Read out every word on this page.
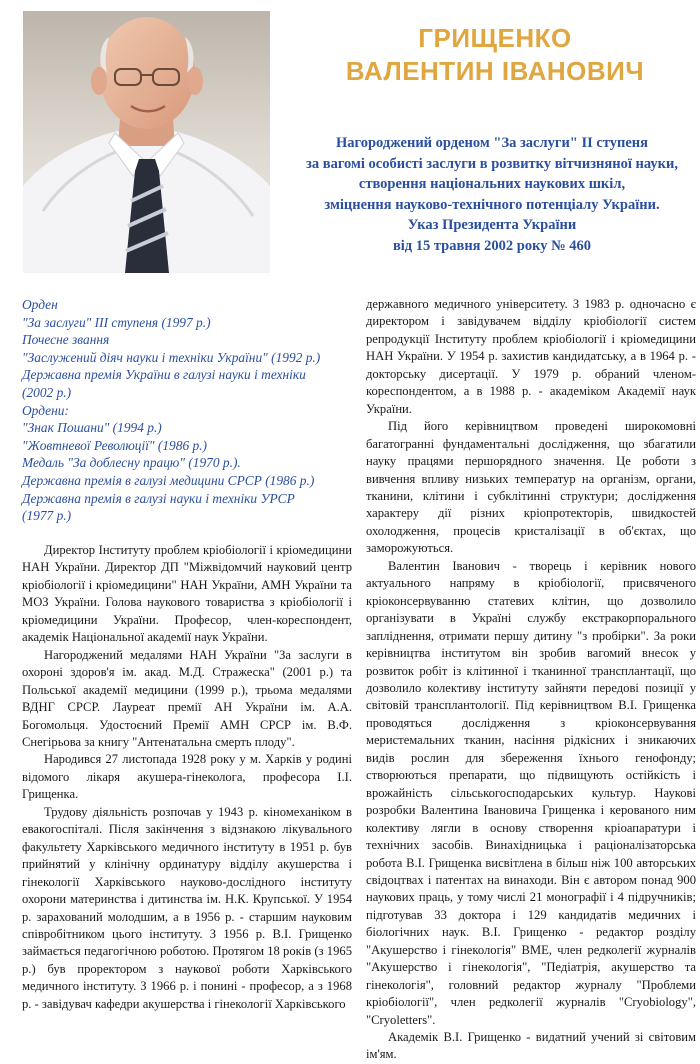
ГРИЩЕНКО
ВАЛЕНТИН ІВАНОВИЧ
Нагороджений орденом "За заслуги" II ступеня
за вагомі особисті заслуги в розвитку вітчизняної науки,
створення національних наукових шкіл,
зміцнення науково-технічного потенціалу України.
Указ Президента України
від 15 травня 2002 року № 460
Орден
"За заслуги" III ступеня (1997 р.)
Почесне звання
"Заслужений діяч науки і техніки України" (1992 р.)
Державна премія України в галузі науки і техніки
(2002 р.)
Ордени:
"Знак Пошани" (1994 р.)
"Жовтневої Революції" (1986 р.)
Медаль "За доблесну працю" (1970 р.).
Державна премія в галузі медицини СРСР (1986 р.)
Державна премія в галузі науки і техніки УРСР
(1977 р.)

Директор Інституту проблем кріобіології і кріомедицини НАН України. Директор ДП "Міжвідомчий науковий центр кріобіології і кріомедицини" НАН України, АМН України та МОЗ України. Голова наукового товариства з кріобіології і кріомедицини України. Професор, член-кореспондент, академік Національної академії наук України.

Нагороджений медалями НАН України "За заслуги в охороні здоров'я ім. акад. М.Д. Стражеска" (2001 р.) та Польської академії медицини (1999 р.), трьома медалями ВДНГ СРСР. Лауреат премії АН України ім. А.А. Богомольця. Удостоєний Премії АМН СРСР ім. В.Ф. Снегірьова за книгу "Антенатальна смерть плоду".

Народився 27 листопада 1928 року у м. Харків у родині відомого лікаря акушера-гінеколога, професора І.І. Грищенка.

Трудову діяльність розпочав у 1943 р. кіномеханіком в евакогоспіталі. Після закінчення з відзнакою лікувального факультету Харківського медичного інституту в 1951 р. був прийнятий у клінічну ординатуру відділу акушерства і гінекології Харківського науково-дослідного інституту охорони материнства і дитинства ім. Н.К. Крупської. У 1954 р. зарахований молодшим, а в 1956 р. - старшим науковим співробітником цього інституту. З 1956 р. В.І. Грищенко займається педагогічною роботою. Протягом 18 років (з 1965 р.) був проректором з наукової роботи Харківського медичного інституту. З 1966 р. і понині - професор, а з 1968 р. - завідувач кафедри акушерства і гінекології Харківського

державного медичного університету. З 1983 р. одночасно є директором і завідувачем відділу кріобіології систем репродукції Інституту проблем кріобіології і кріомедицини НАН України. У 1954 р. захистив кандидатську, а в 1964 р. - докторську дисертації. У 1979 р. обраний членом-кореспондентом, а в 1988 р. - академіком Академії наук України.

Під його керівництвом проведені широкомовні багатогранні фундаментальні дослідження, що збагатили науку працями першорядного значення. Це роботи з вивчення впливу низьких температур на організм, органи, тканини, клітини і субклітинні структури; дослідження характеру дії різних кріопротекторів, швидкостей охолодження, процесів кристалізації в об'єктах, що заморожуються.

Валентин Іванович - творець і керівник нового актуального напряму в кріобіології, присвяченого кріоконсервуванню статевих клітин, що дозволило організувати в Україні службу екстракорпорального запліднення, отримати першу дитину "з пробірки". За роки керівництва інститутом він зробив вагомий внесок у розвиток робіт із клітинної і тканинної трансплантації, що дозволило колективу інституту зайняти передові позиції у світовій трансплантології. Під керівництвом В.І. Грищенка проводяться дослідження з кріоконсервування меристемальних тканин, насіння рідкісних і зникаючих видів рослин для збереження їхнього генофонду; створюються препарати, що підвищують остійкість і врожайність сільськогосподарських культур. Наукові розробки Валентина Івановича Грищенка і керованого ним колективу лягли в основу створення кріоапаратури і технічних засобів. Винахідницька і раціоналізаторська робота В.І. Грищенка висвітлена в більш ніж 100 авторських свідоцтвах і патентах на винаходи. Він є автором понад 900 наукових праць, у тому числі 21 монографії і 4 підручників; підготував 33 доктора і 129 кандидатів медичних і біологічних наук. В.І. Грищенко - редактор розділу "Акушерство і гінекологія" ВМЕ, член редколегії журналів "Акушерство і гінекологія", "Педіатрія, акушерство та гінекологія", головний редактор журналу "Проблеми кріобіології", член редколегії журналів "Cryobiology", "Cryoletters".

Академік В.І. Грищенко - видатний учений зі світовим ім'ям.
